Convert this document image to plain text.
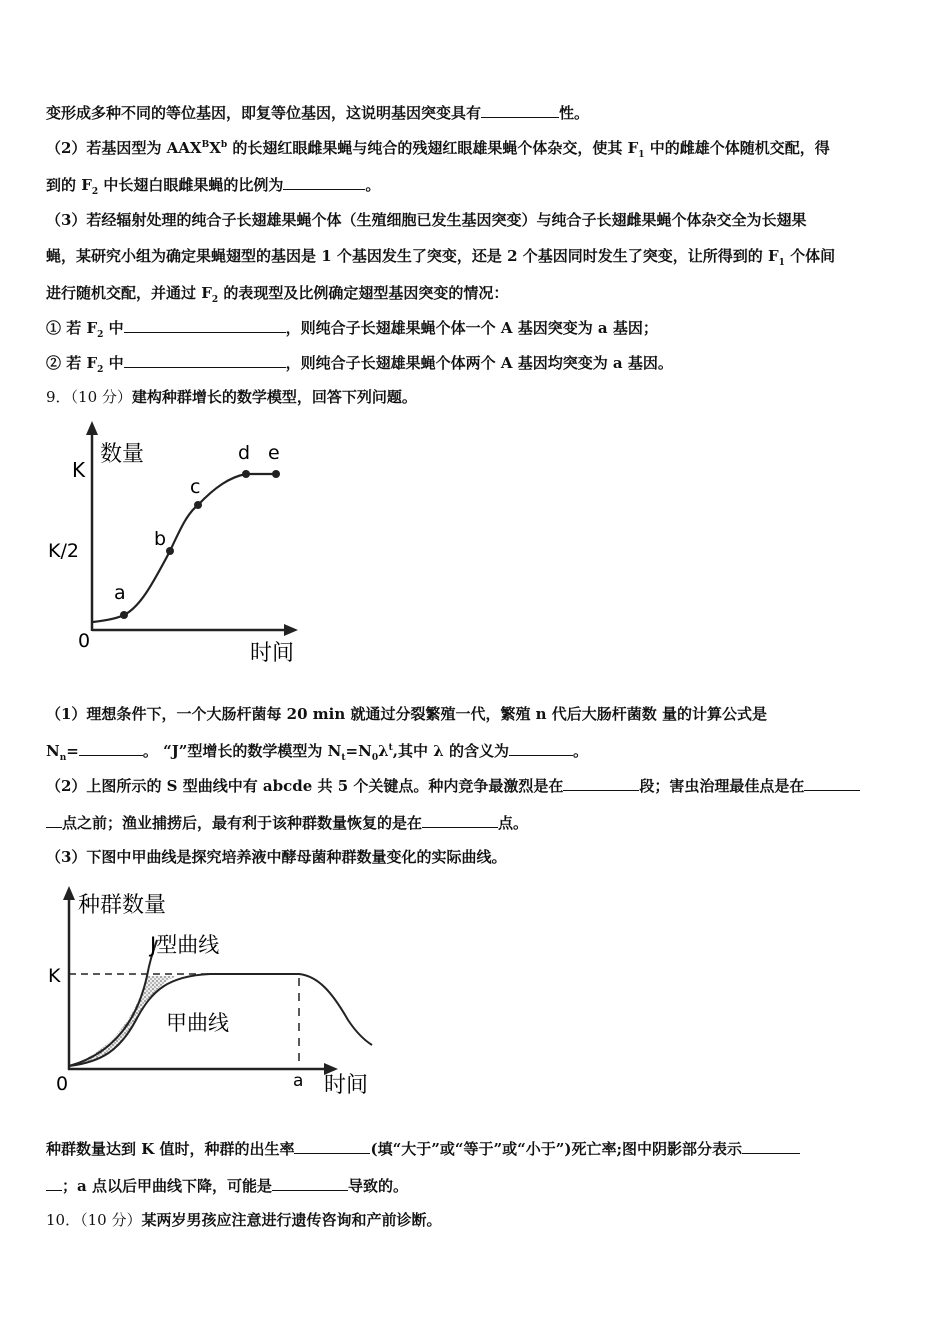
变形成多种不同的等位基因，即复等位基因，这说明基因突变具有	性。
（2）若基因型为 $AAX^BX^b$ 的长翅红眼雌果蝇与纯合的残翅红眼雄果蝇个体杂交，使其 $F_1$ 中的雌雄个体随机交配，得
到的 $F_2$ 中长翅白眼雌果蝇的比例为	。
（3）若经辐射处理的纯合子长翅雄果蝇个体（生殖细胞已发生基因突变）与纯合子长翅雌果蝇个体杂交全为长翅果
蝇，某研究小组为确定果蝇翅型的基因是 1 个基因发生了突变，还是 2 个基因同时发生了突变，让所得到的 $F_1$ 个体间
进行随机交配，并通过 $F_2$ 的表现型及比例确定翅型基因突变的情况：
① 若 $F_2$ 中	，则纯合子长翅雄果蝇个体一个 A 基因突变为 a 基因；
② 若 $F_2$ 中	，则纯合子长翅雄果蝇个体两个 A 基因均突变为 a 基因。
9．（10 分）建构种群增长的数学模型，回答下列问题。
数量
K
K/2
0	时间
a
b
c
d e
（1）理想条件下，一个大肠杆菌每 20 min 就通过分裂繁殖一代，繁殖 n 代后大肠杆菌数 量的计算公式是
$N_n=$	。 “J”型增长的数学模型为 $N_t=N_0\lambda^t$,其中 λ 的含义为	。
（2）上图所示的 S 型曲线中有 abcde 共 5 个关键点。种内竞争最激烈是在	段；害虫治理最佳点是在
点之前；渔业捕捞后，最有利于该种群数量恢复的是在	点。
（3）下图中甲曲线是探究培养液中酵母菌种群数量变化的实际曲线。
种群数量
J型曲线
甲曲线
K
0	a 时间
种群数量达到 K 值时，种群的出生率	(填“大于”或“等于”或“小于”)死亡率;图中阴影部分表示
；a 点以后甲曲线下降，可能是	导致的。
10．（10 分）某两岁男孩应注意进行遗传咨询和产前诊断。
